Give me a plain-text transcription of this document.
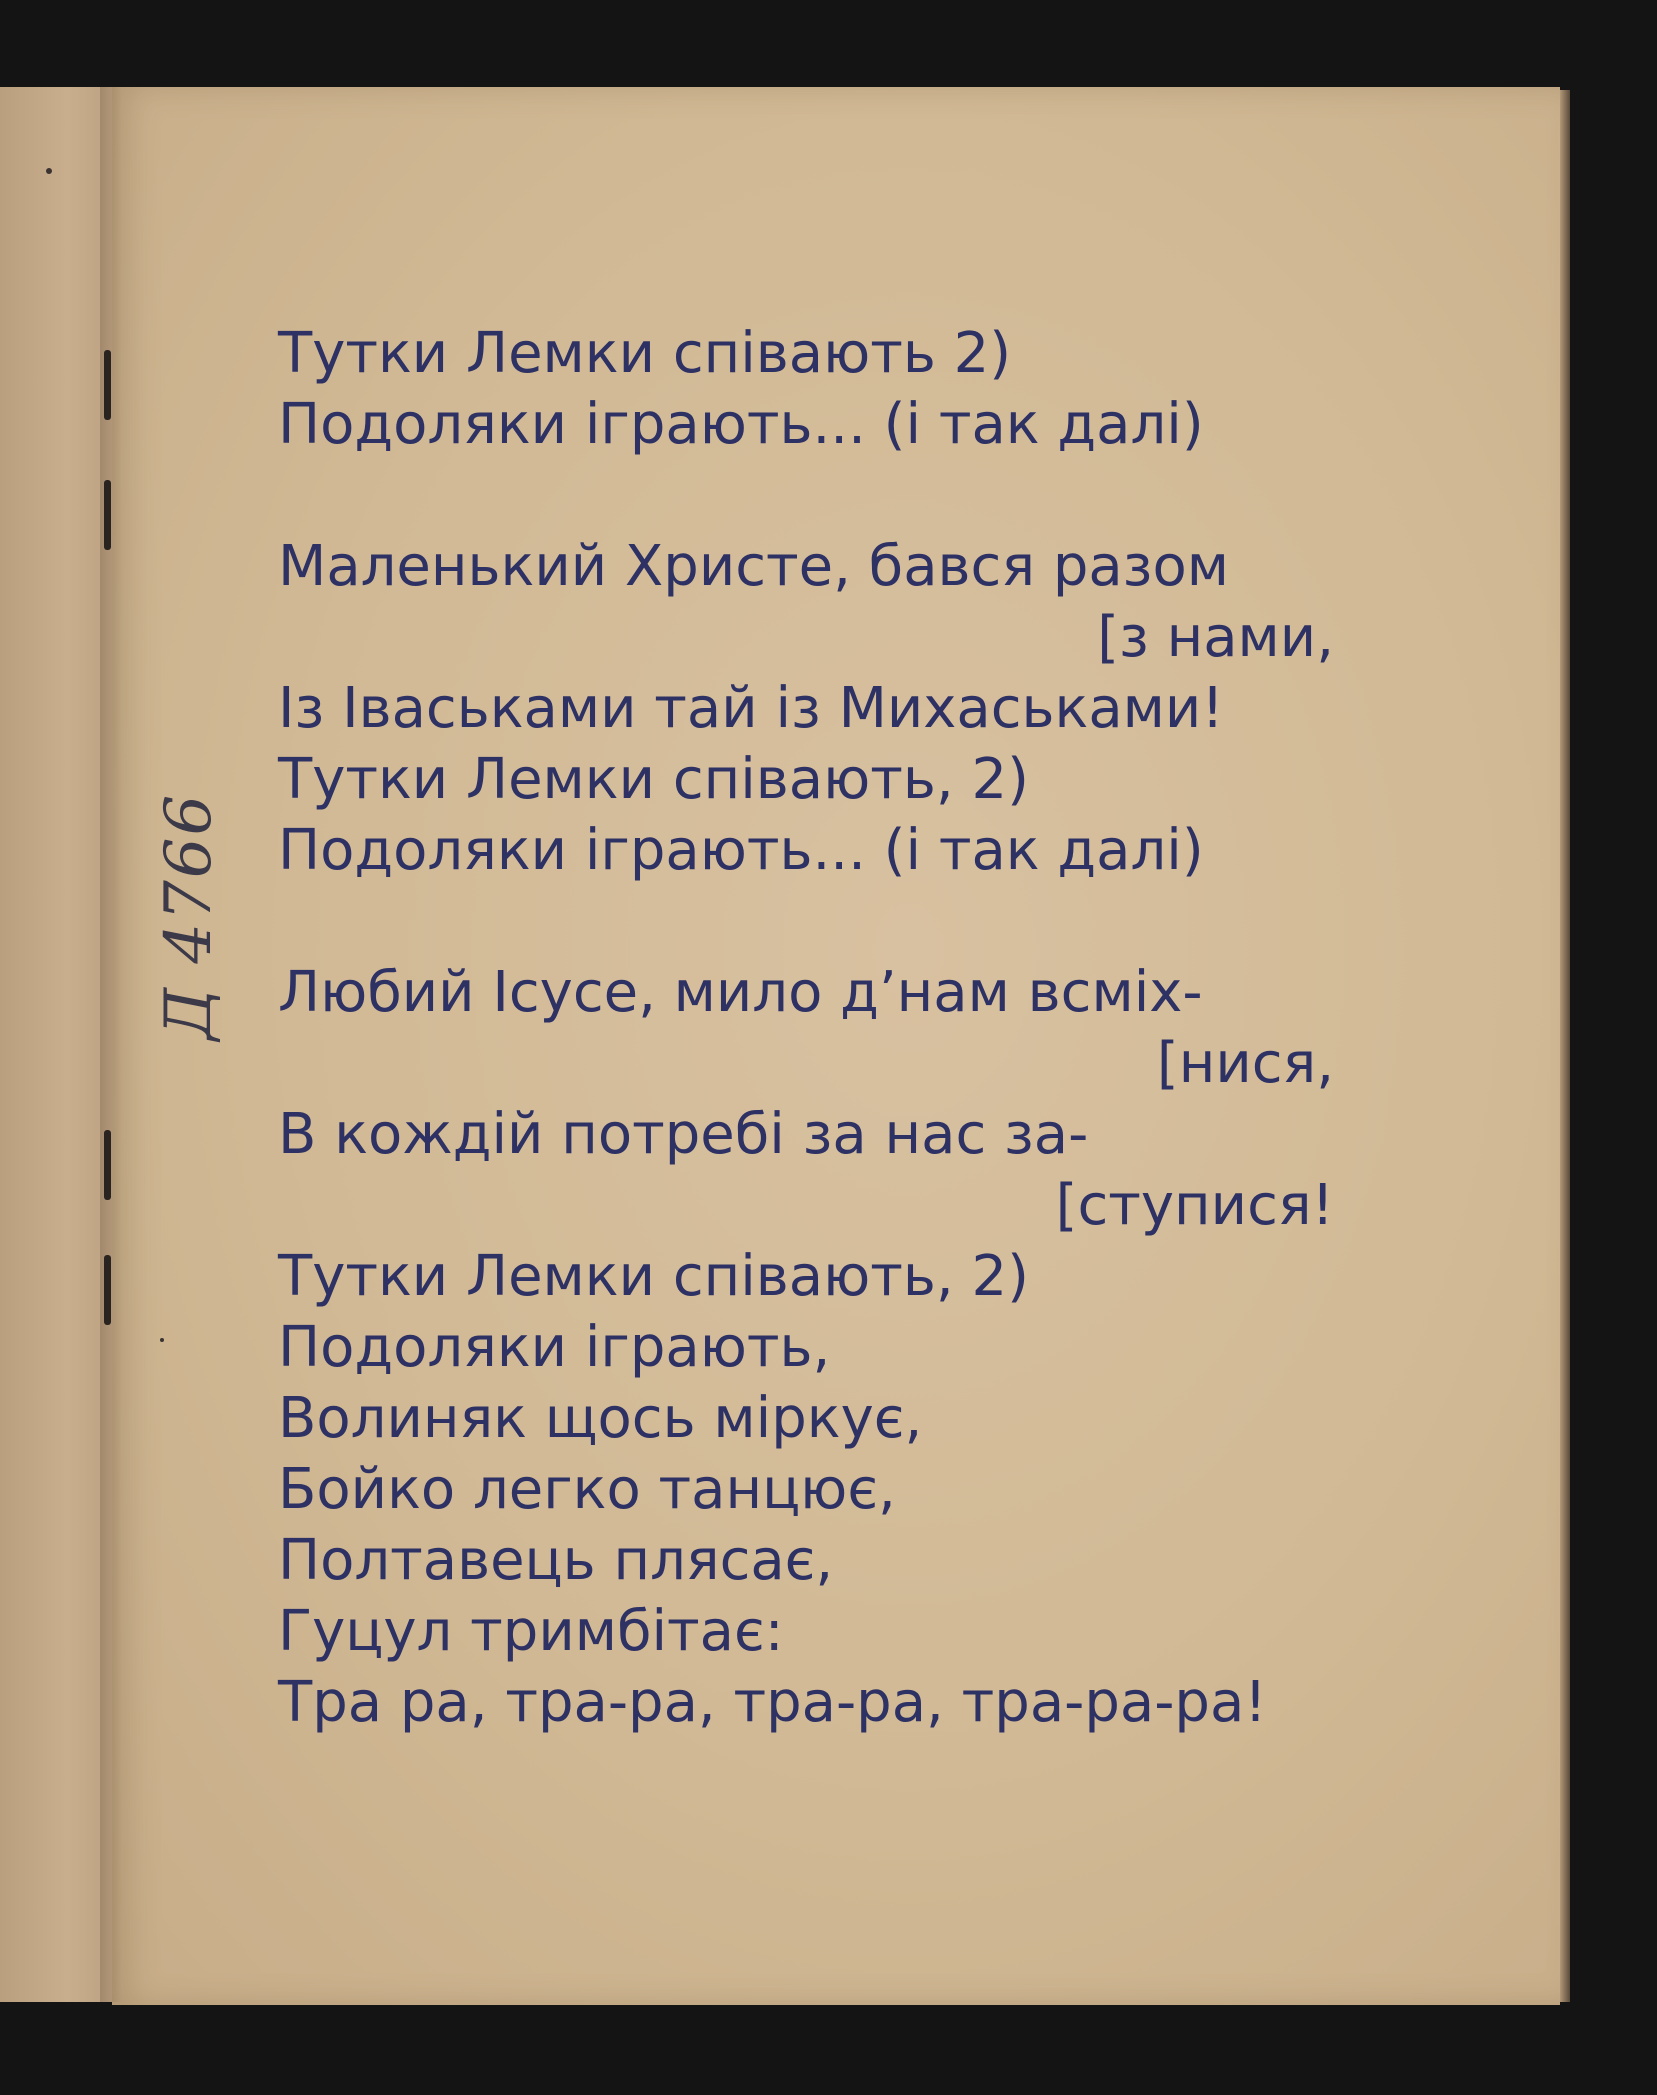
Д 4766
Тутки Лемки співають 2)
Подоляки іграють... (і так далі)
Маленький Христе, бався разом
[з нами,
Із Іваськами тай із Михаськами!
Тутки Лемки співають, 2)
Подоляки іграють... (і так далі)
Любий Ісусе, мило д’нам всміх-
[нися,
В кождій потребі за нас за-
[ступися!
Тутки Лемки співають, 2)
Подоляки іграють,
Волиняк щось міркує,
Бойко легко танцює,
Полтавець плясає,
Гуцул тримбітає:
Тра ра, тра-ра, тра-ра, тра-ра-ра!
